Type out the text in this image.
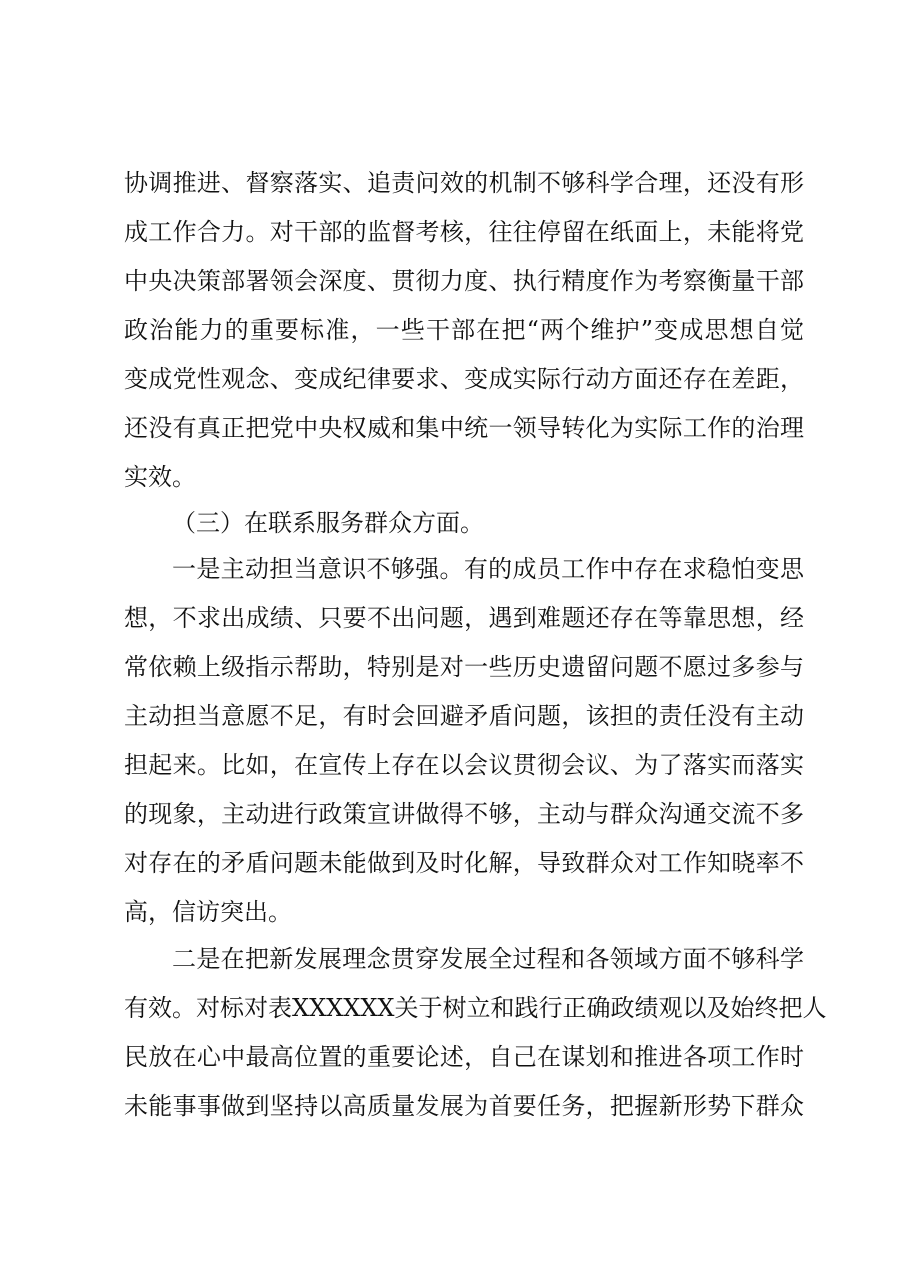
协调推进、督察落实、追责问效的机制不够科学合理，还没有形
成工作合力。对干部的监督考核，往往停留在纸面上，未能将党
中央决策部署领会深度、贯彻力度、执行精度作为考察衡量干部
政治能力的重要标准，一些干部在把“两个维护”变成思想自觉
变成党性观念、变成纪律要求、变成实际行动方面还存在差距，
还没有真正把党中央权威和集中统一领导转化为实际工作的治理
实效。
（三）在联系服务群众方面。
一是主动担当意识不够强。有的成员工作中存在求稳怕变思
想，不求出成绩、只要不出问题，遇到难题还存在等靠思想，经
常依赖上级指示帮助，特别是对一些历史遗留问题不愿过多参与
主动担当意愿不足，有时会回避矛盾问题，该担的责任没有主动
担起来。比如，在宣传上存在以会议贯彻会议、为了落实而落实
的现象，主动进行政策宣讲做得不够，主动与群众沟通交流不多
对存在的矛盾问题未能做到及时化解，导致群众对工作知晓率不
高，信访突出。
二是在把新发展理念贯穿发展全过程和各领域方面不够科学
有效。对标对表XXXXXX关于树立和践行正确政绩观以及始终把人
民放在心中最高位置的重要论述，自己在谋划和推进各项工作时
未能事事做到坚持以高质量发展为首要任务，把握新形势下群众
